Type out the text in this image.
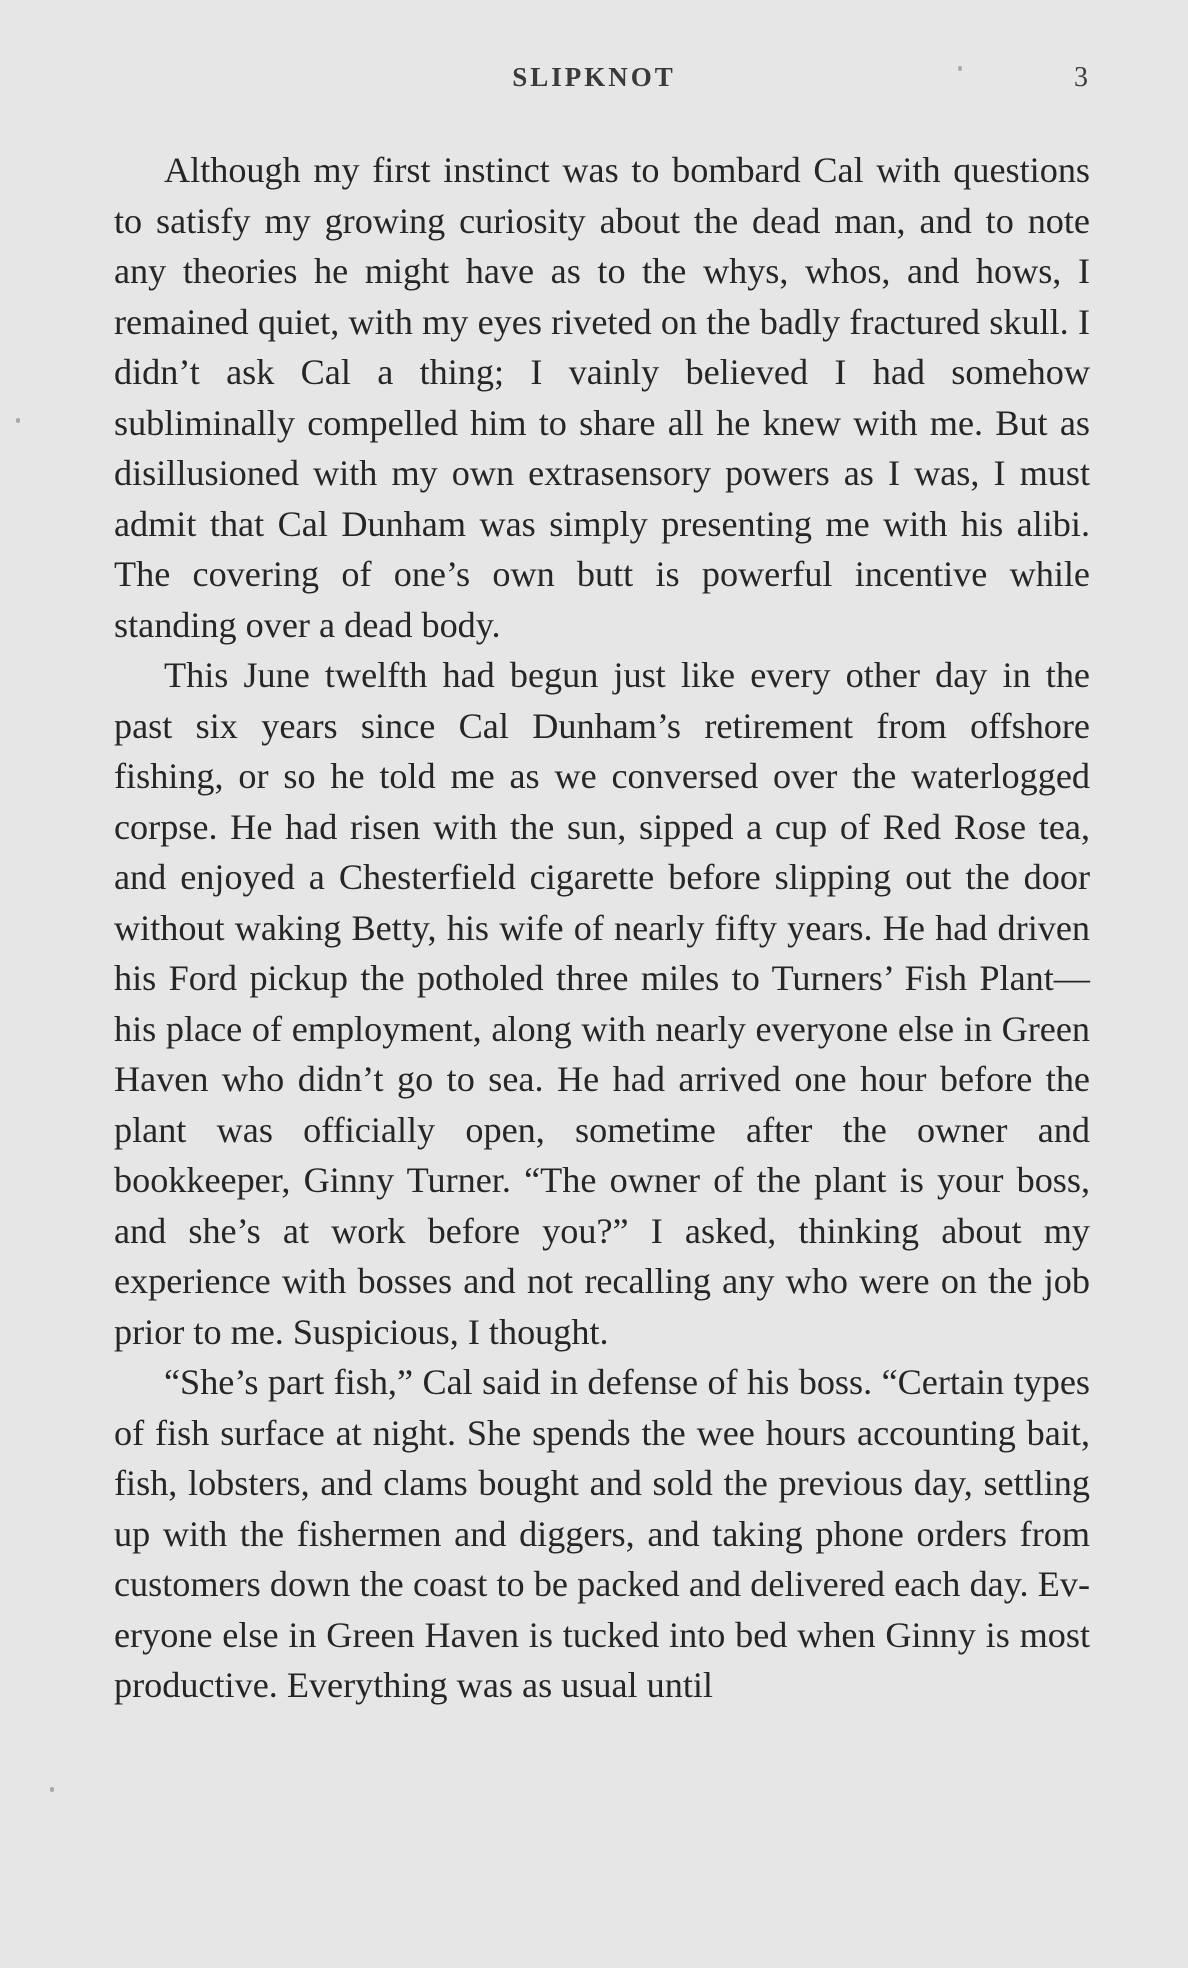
SLIPKNOT	3

Although my first instinct was to bombard Cal with questions to satisfy my growing curiosity about the dead man, and to note any theories he might have as to the whys, whos, and hows, I remained quiet, with my eyes riveted on the badly fractured skull. I didn’t ask Cal a thing; I vainly believed I had somehow subliminally compelled him to share all he knew with me. But as disillusioned with my own extrasensory powers as I was, I must admit that Cal Dunham was simply presenting me with his alibi. The covering of one’s own butt is powerful incentive while standing over a dead body.

This June twelfth had begun just like every other day in the past six years since Cal Dunham’s retirement from offshore fishing, or so he told me as we conversed over the waterlogged corpse. He had risen with the sun, sipped a cup of Red Rose tea, and enjoyed a Chesterfield cigarette before slipping out the door without waking Betty, his wife of nearly fifty years. He had driven his Ford pickup the potholed three miles to Turners’ Fish Plant—his place of employment, along with nearly everyone else in Green Haven who didn’t go to sea. He had arrived one hour before the plant was officially open, sometime after the owner and bookkeeper, Ginny Turner. “The owner of the plant is your boss, and she’s at work before you?” I asked, thinking about my experience with bosses and not recalling any who were on the job prior to me. Suspicious, I thought.

“She’s part fish,” Cal said in defense of his boss. “Certain types of fish surface at night. She spends the wee hours accounting bait, fish, lobsters, and clams bought and sold the previous day, settling up with the fishermen and diggers, and taking phone orders from customers down the coast to be packed and delivered each day. Everyone else in Green Haven is tucked into bed when Ginny is most productive. Everything was as usual until
